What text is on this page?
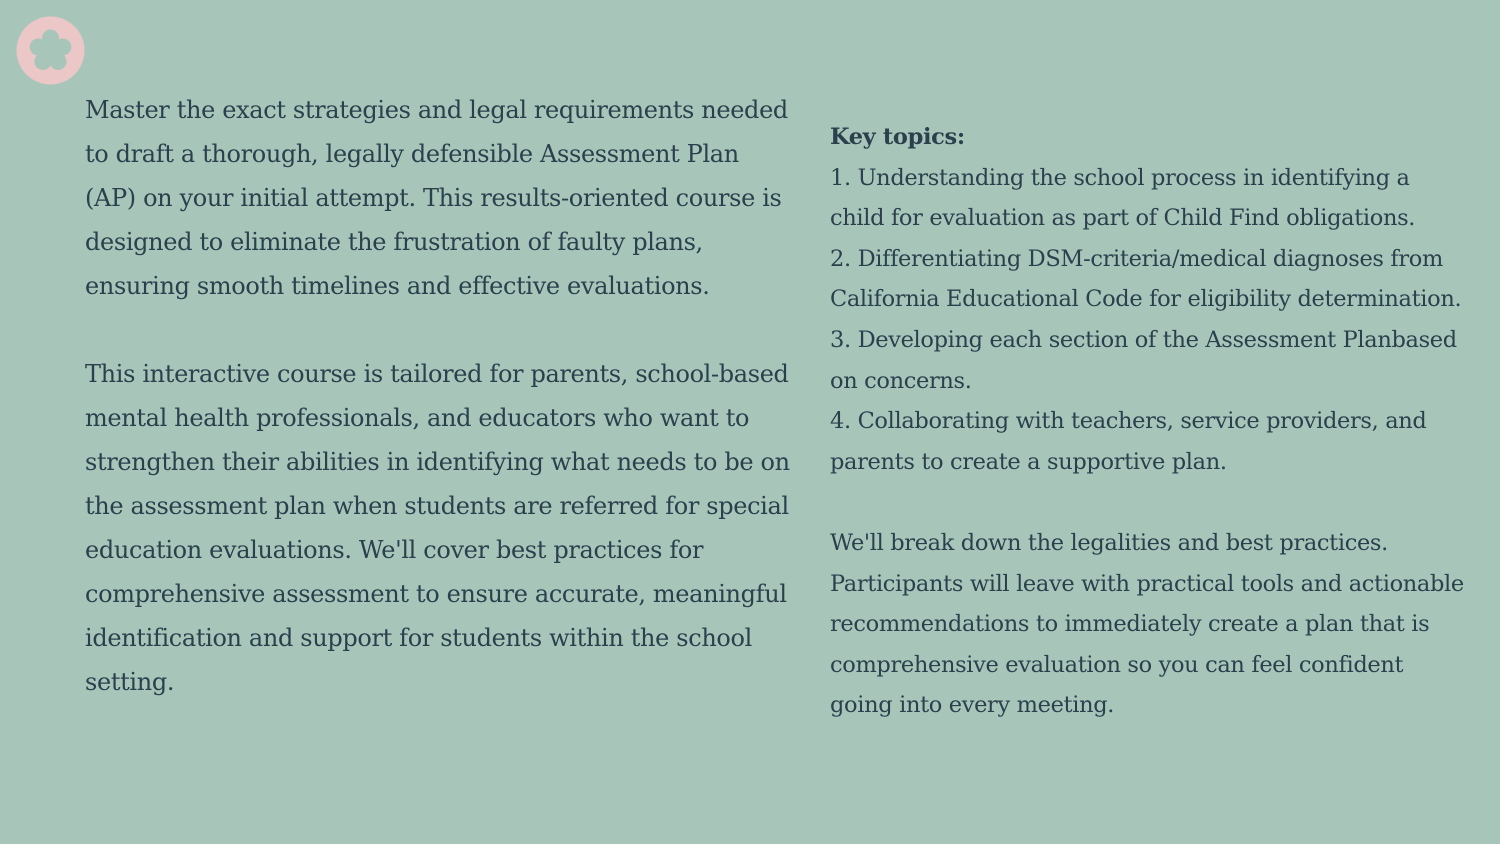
Master the exact strategies and legal requirements needed to draft a thorough, legally defensible Assessment Plan (AP) on your initial attempt. This results-oriented course is designed to eliminate the frustration of faulty plans, ensuring smooth timelines and effective evaluations.

This interactive course is tailored for parents, school-based mental health professionals, and educators who want to strengthen their abilities in identifying what needs to be on the assessment plan when students are referred for special education evaluations. We'll cover best practices for comprehensive assessment to ensure accurate, meaningful identification and support for students within the school setting.

Key topics:

1. Understanding the school process in identifying a child for evaluation as part of Child Find obligations.
2. Differentiating DSM-criteria/medical diagnoses from California Educational Code for eligibility determination.
3. Developing each section of the Assessment Planbased on concerns.
4. Collaborating with teachers, service providers, and parents to create a supportive plan.

We'll break down the legalities and best practices. Participants will leave with practical tools and actionable recommendations to immediately create a plan that is comprehensive evaluation so you can feel confident going into every meeting.
